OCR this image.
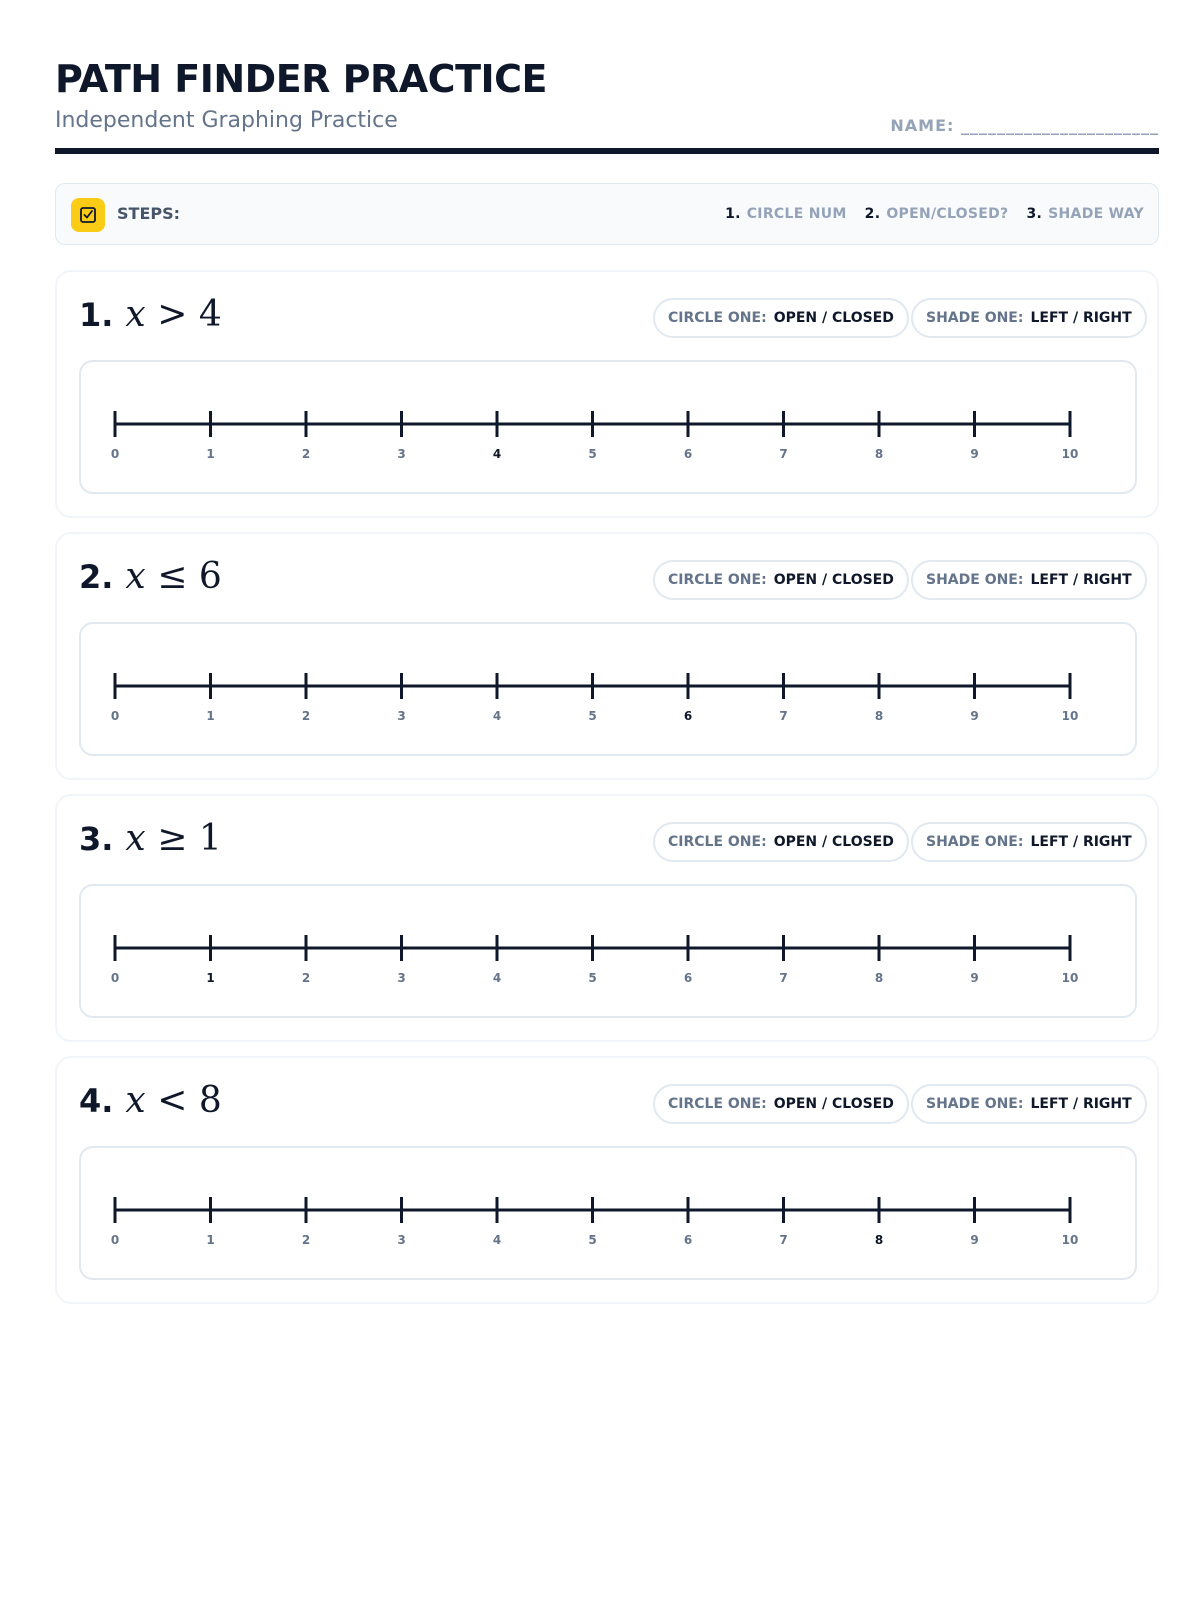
PATH FINDER PRACTICE
Independent Graphing Practice	NAME: ______________________
STEPS:	1. CIRCLE NUM 2. OPEN/CLOSED? 3. SHADE WAY
1. x > 4	CIRCLE ONE: OPEN / CLOSED SHADE ONE: LEFT / RIGHT
0	1	2	3	4	5	6	7	8	9	10
2. x ≤ 6	CIRCLE ONE: OPEN / CLOSED SHADE ONE: LEFT / RIGHT
0	1	2	3	4	5	6	7	8	9	10
3. x ≥ 1	CIRCLE ONE: OPEN / CLOSED SHADE ONE: LEFT / RIGHT
0	1	2	3	4	5	6	7	8	9	10
4. x < 8	CIRCLE ONE: OPEN / CLOSED SHADE ONE: LEFT / RIGHT
0	1	2	3	4	5	6	7	8	9	10
